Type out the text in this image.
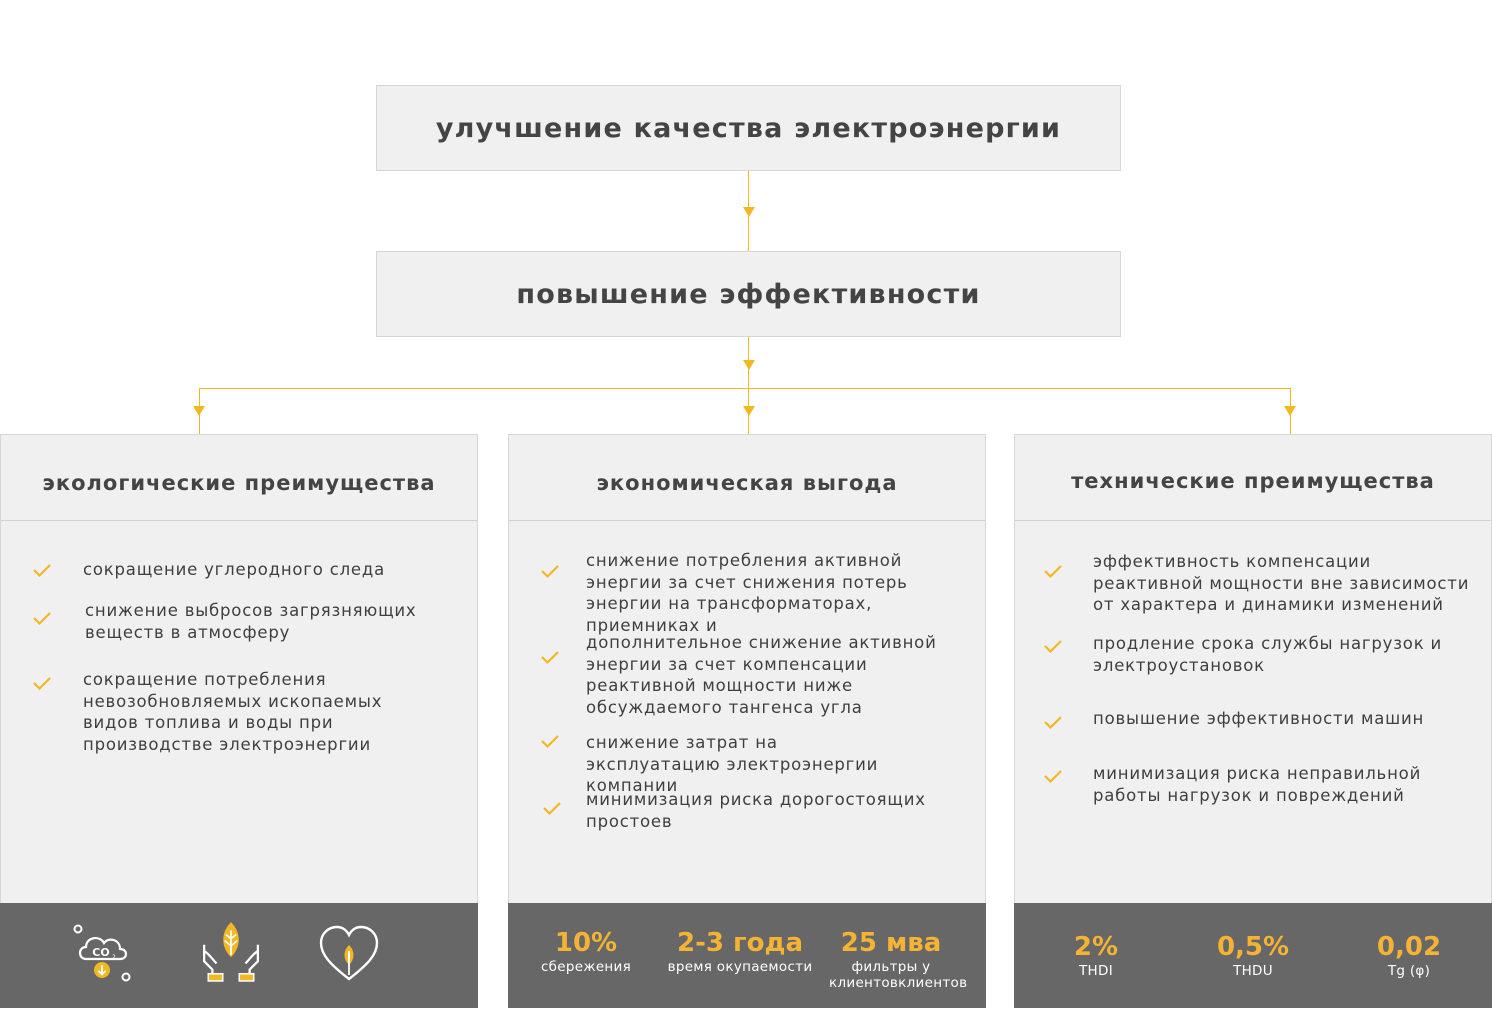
улучшение качества электроэнергии
повышение эффективности
экологические преимущества
сокращение углеродного следа
снижение выбросов загрязняющих веществ в атмосферу
сокращение потребления невозобновляемых ископаемых видов топлива и воды при производстве электроэнергии
CO 2
экономическая выгода
снижение потребления активной энергии за счет снижения потерь энергии на трансформаторах, приемниках и
дополнительное снижение активной энергии за счет компенсации реактивной мощности ниже обсуждаемого тангенса угла
снижение затрат на эксплуатацию электроэнергии компании
минимизация риска дорогостоящих простоев
10%
сбережения
2-3 года
время окупаемости
25 мва
фильтры у клиентовклиентов
технические преимущества
эффективность компенсации реактивной мощности вне зависимости от характера и динамики изменений
продление срока службы нагрузок и электроустановок
повышение эффективности машин
минимизация риска неправильной работы нагрузок и повреждений
2%
THDI
0,5%
THDU
0,02
Tg (φ)
